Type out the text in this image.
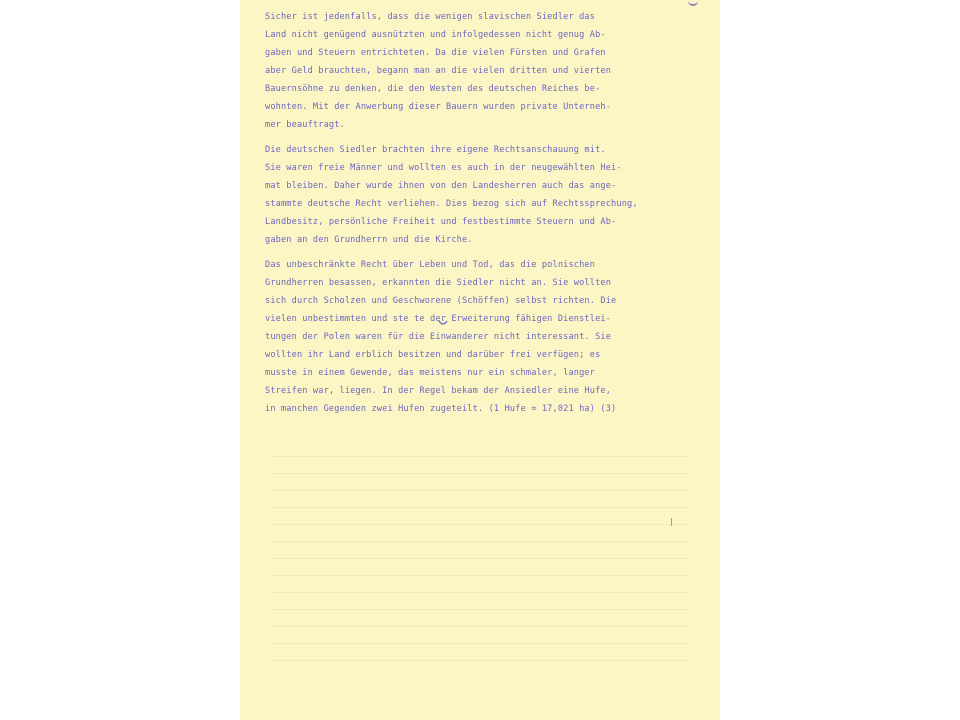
Sicher ist jedenfalls, dass die wenigen slavischen Siedler das
Land nicht genügend ausnützten und infolgedessen nicht genug Ab-
gaben und Steuern entrichteten. Da die vielen Fürsten und Grafen
aber Geld brauchten, begann man an die vielen dritten und vierten
Bauernsöhne zu denken, die den Westen des deutschen Reiches be-
wohnten. Mit der Anwerbung dieser Bauern wurden private Unterneh-
mer beauftragt.
Die deutschen Siedler brachten ihre eigene Rechtsanschauung mit.
Sie waren freie Männer und wollten es auch in der neugewählten Hei-
mat bleiben. Daher wurde ihnen von den Landesherren auch das ange-
stammte deutsche Recht verliehen. Dies bezog sich auf Rechtssprechung,
Landbesitz, persönliche Freiheit und festbestimmte Steuern und Ab-
gaben an den Grundherrn und die Kirche.
Das unbeschränkte Recht über Leben und Tod, das die polnischen
Grundherren besassen, erkannten die Siedler nicht an. Sie wollten
sich durch Scholzen und Geschworene (Schöffen) selbst richten. Die
vielen unbestimmten und ste te der Erweiterung fähigen Dienstlei-
tungen der Polen waren für die Einwanderer nicht interessant. Sie
wollten ihr Land erblich besitzen und darüber frei verfügen; es
musste in einem Gewende, das meistens nur ein schmaler, langer
Streifen war, liegen. In der Regel bekam der Ansiedler eine Hufe,
in manchen Gegenden zwei Hufen zugeteilt. (1 Hufe = 17,021 ha) (3)
